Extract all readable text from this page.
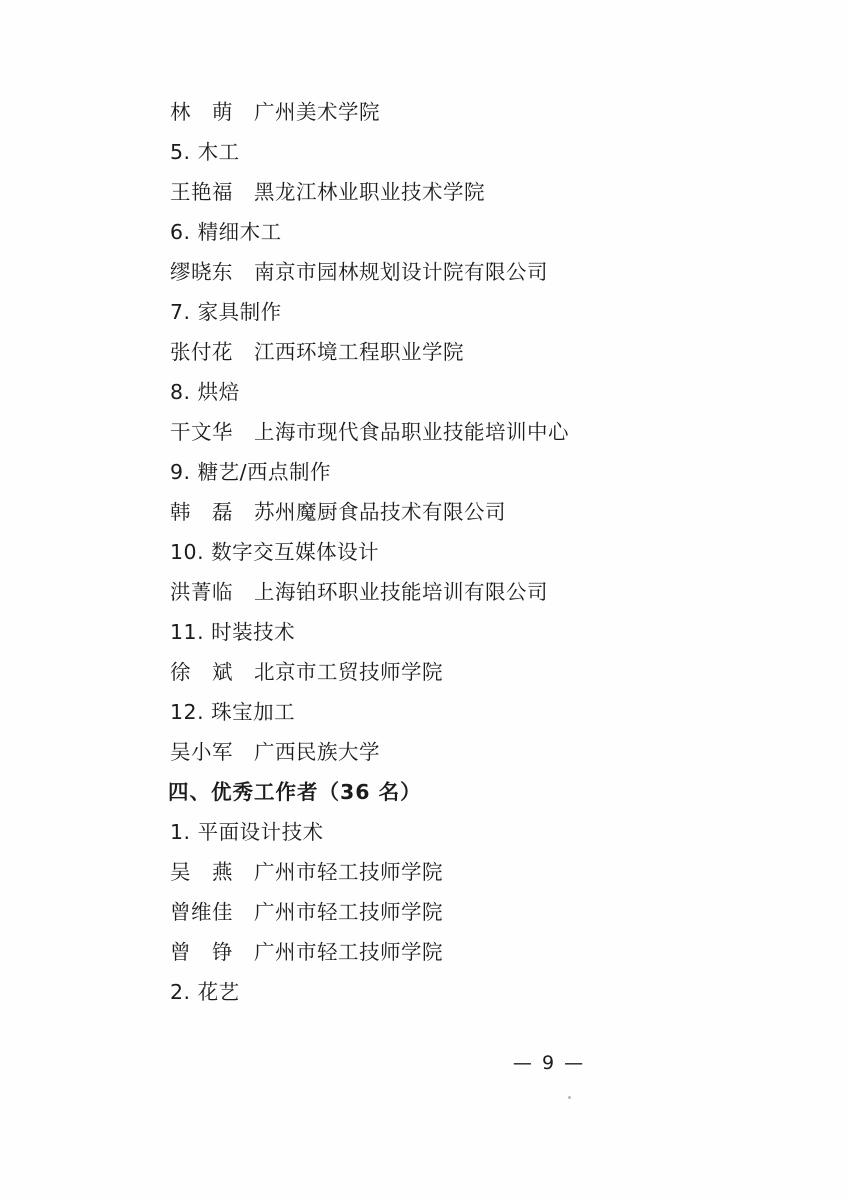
林　萌　广州美术学院
5. 木工
王艳福　黑龙江林业职业技术学院
6. 精细木工
缪晓东　南京市园林规划设计院有限公司
7. 家具制作
张付花　江西环境工程职业学院
8. 烘焙
干文华　上海市现代食品职业技能培训中心
9. 糖艺/西点制作
韩　磊　苏州魔厨食品技术有限公司
10. 数字交互媒体设计
洪菁临　上海铂环职业技能培训有限公司
11. 时装技术
徐　斌　北京市工贸技师学院
12. 珠宝加工
吴小军　广西民族大学
四、优秀工作者（36 名）
1. 平面设计技术
吴　燕　广州市轻工技师学院
曾维佳　广州市轻工技师学院
曾　铮　广州市轻工技师学院
2. 花艺
— 9 —
